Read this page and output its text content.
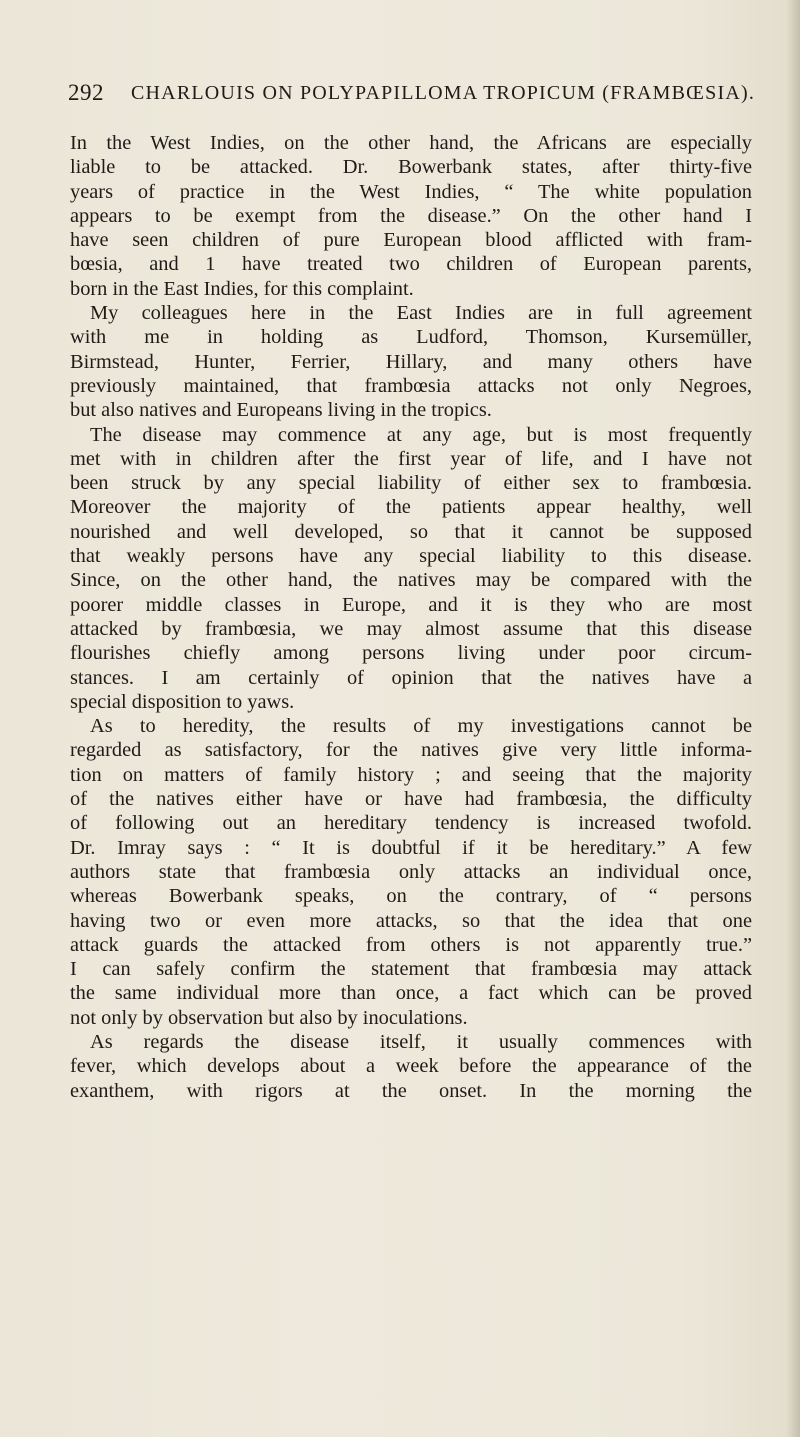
292 CHARLOUIS ON POLYPAPILLOMA TROPICUM (FRAMBŒSIA).
In the West Indies, on the other hand, the Africans are especially
liable to be attacked. Dr. Bowerbank states, after thirty-five
years of practice in the West Indies, “ The white population
appears to be exempt from the disease.” On the other hand I
have seen children of pure European blood afflicted with fram-
bœsia, and 1 have treated two children of European parents,
born in the East Indies, for this complaint.
My colleagues here in the East Indies are in full agreement
with me in holding as Ludford, Thomson, Kursemüller,
Birmstead, Hunter, Ferrier, Hillary, and many others have
previously maintained, that frambœsia attacks not only Negroes,
but also natives and Europeans living in the tropics.
The disease may commence at any age, but is most frequently
met with in children after the first year of life, and I have not
been struck by any special liability of either sex to frambœsia.
Moreover the majority of the patients appear healthy, well
nourished and well developed, so that it cannot be supposed
that weakly persons have any special liability to this disease.
Since, on the other hand, the natives may be compared with the
poorer middle classes in Europe, and it is they who are most
attacked by frambœsia, we may almost assume that this disease
flourishes chiefly among persons living under poor circum-
stances. I am certainly of opinion that the natives have a
special disposition to yaws.
As to heredity, the results of my investigations cannot be
regarded as satisfactory, for the natives give very little informa-
tion on matters of family history ; and seeing that the majority
of the natives either have or have had frambœsia, the difficulty
of following out an hereditary tendency is increased twofold.
Dr. Imray says : “ It is doubtful if it be hereditary.” A few
authors state that frambœsia only attacks an individual once,
whereas Bowerbank speaks, on the contrary, of “ persons
having two or even more attacks, so that the idea that one
attack guards the attacked from others is not apparently true.”
I can safely confirm the statement that frambœsia may attack
the same individual more than once, a fact which can be proved
not only by observation but also by inoculations.
As regards the disease itself, it usually commences with
fever, which develops about a week before the appearance of the
exanthem, with rigors at the onset. In the morning the
